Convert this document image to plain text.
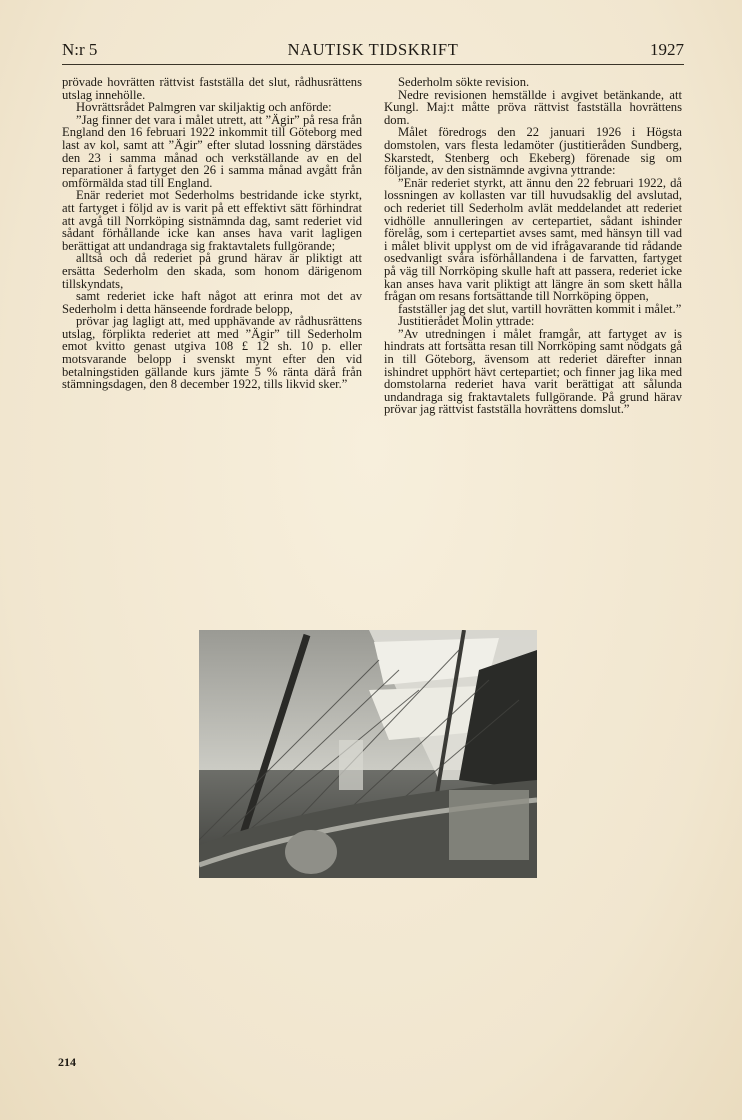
N:r 5	NAUTISK TIDSKRIFT	1927

prövade hovrätten rättvist fastställa det slut, rådhusrättens utslag innehölle.

Hovrättsrådet Palmgren var skiljaktig och anförde:

”Jag finner det vara i målet utrett, att ”Ägir” på resa från England den 16 februari 1922 inkommit till Göteborg med last av kol, samt att ”Ägir” efter slutad lossning därstädes den 23 i samma månad och verkställande av en del reparationer å fartyget den 26 i samma månad avgått från omförmälda stad till England.

Enär rederiet mot Sederholms bestridande icke styrkt, att fartyget i följd av is varit på ett effektivt sätt förhindrat att avgå till Norrköping sistnämnda dag, samt rederiet vid sådant förhållande icke kan anses hava varit lagligen berättigat att undandraga sig fraktavtalets fullgörande;

alltså och då rederiet på grund härav är pliktigt att ersätta Sederholm den skada, som honom därigenom tillskyndats,

samt rederiet icke haft något att erinra mot det av Sederholm i detta hänseende fordrade belopp,

prövar jag lagligt att, med upphävande av rådhusrättens utslag, förplikta rederiet att med ”Ägir” till Sederholm emot kvitto genast utgiva 108 £ 12 sh. 10 p. eller motsvarande belopp i svenskt mynt efter den vid betalningstiden gällande kurs jämte 5 % ränta därå från stämningsdagen, den 8 december 1922, tills likvid sker.”

Sederholm sökte revision.

Nedre revisionen hemställde i avgivet betänkande, att Kungl. Maj:t måtte pröva rättvist fastställa hovrättens dom.

Målet föredrogs den 22 januari 1926 i Högsta domstolen, vars flesta ledamöter (justitieråden Sundberg, Skarstedt, Stenberg och Ekeberg) förenade sig om följande, av den sistnämnde avgivna yttrande:

”Enär rederiet styrkt, att ännu den 22 februari 1922, då lossningen av kollasten var till huvudsaklig del avslutad, och rederiet till Sederholm avlät meddelandet att rederiet vidhölle annulleringen av certepartiet, sådant ishinder förelåg, som i certepartiet avses samt, med hänsyn till vad i målet blivit upplyst om de vid ifrågavarande tid rådande osedvanligt svåra isförhållandena i de farvatten, fartyget på väg till Norrköping skulle haft att passera, rederiet icke kan anses hava varit pliktigt att längre än som skett hålla frågan om resans fortsättande till Norrköping öppen,

fastställer jag det slut, vartill hovrätten kommit i målet.”

Justitierådet Molin yttrade:

”Av utredningen i målet framgår, att fartyget av is hindrats att fortsätta resan till Norrköping samt nödgats gå in till Göteborg, ävensom att rederiet därefter innan ishindret upphört hävt certepartiet; och finner jag lika med domstolarna rederiet hava varit berättigat att sålunda undandraga sig fraktavtalets fullgörande. På grund härav prövar jag rättvist fastställa hovrättens domslut.”

214
